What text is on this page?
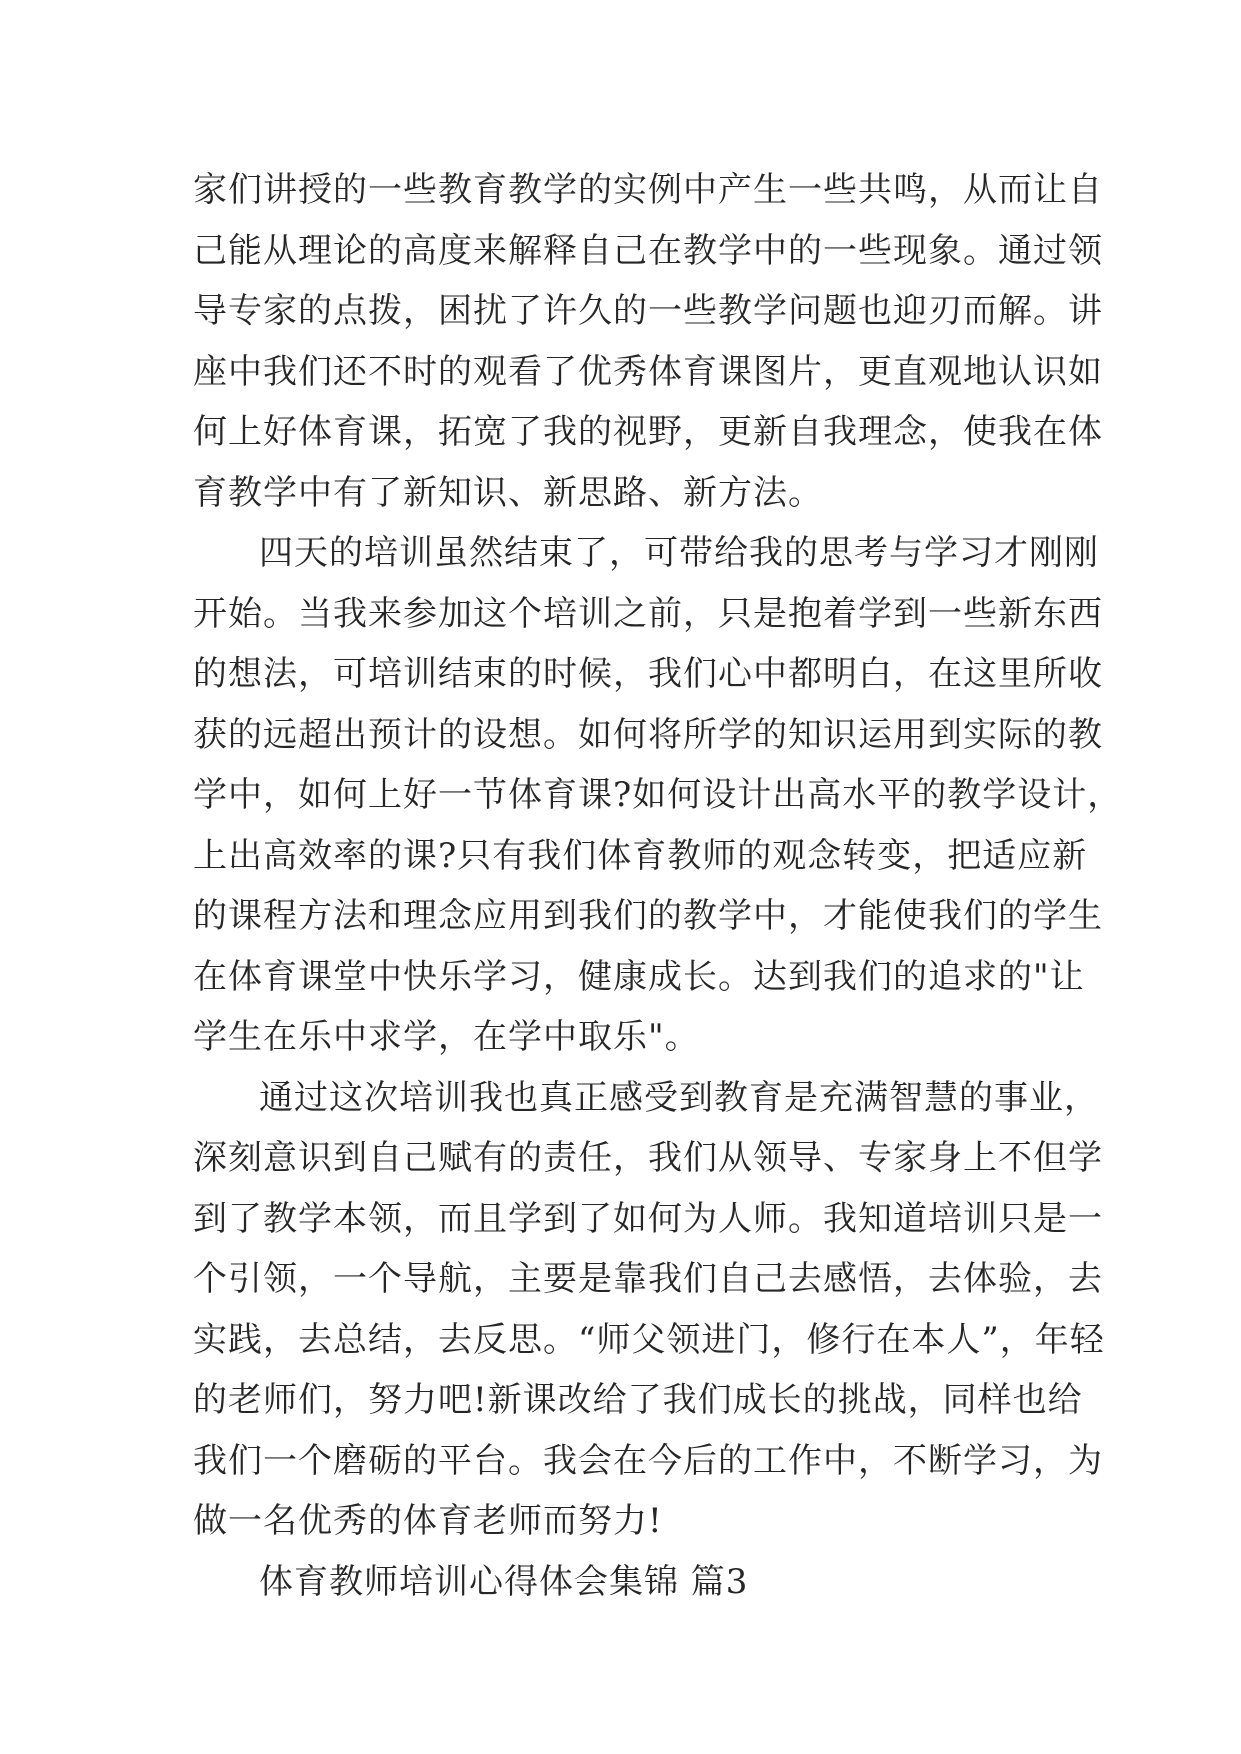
家们讲授的一些教育教学的实例中产生一些共鸣，从而让自
己能从理论的高度来解释自己在教学中的一些现象。通过领
导专家的点拨，困扰了许久的一些教学问题也迎刃而解。讲
座中我们还不时的观看了优秀体育课图片，更直观地认识如
何上好体育课，拓宽了我的视野，更新自我理念，使我在体
育教学中有了新知识、新思路、新方法。
四天的培训虽然结束了，可带给我的思考与学习才刚刚
开始。当我来参加这个培训之前，只是抱着学到一些新东西
的想法，可培训结束的时候，我们心中都明白，在这里所收
获的远超出预计的设想。如何将所学的知识运用到实际的教
学中，如何上好一节体育课?如何设计出高水平的教学设计，
上出高效率的课?只有我们体育教师的观念转变，把适应新
的课程方法和理念应用到我们的教学中，才能使我们的学生
在体育课堂中快乐学习，健康成长。达到我们的追求的"让
学生在乐中求学，在学中取乐"。
通过这次培训我也真正感受到教育是充满智慧的事业，
深刻意识到自己赋有的责任，我们从领导、专家身上不但学
到了教学本领，而且学到了如何为人师。我知道培训只是一
个引领，一个导航，主要是靠我们自己去感悟，去体验，去
实践，去总结，去反思。“师父领进门，修行在本人”，年轻
的老师们，努力吧!新课改给了我们成长的挑战，同样也给
我们一个磨砺的平台。我会在今后的工作中，不断学习，为
做一名优秀的体育老师而努力!
体育教师培训心得体会集锦 篇3
